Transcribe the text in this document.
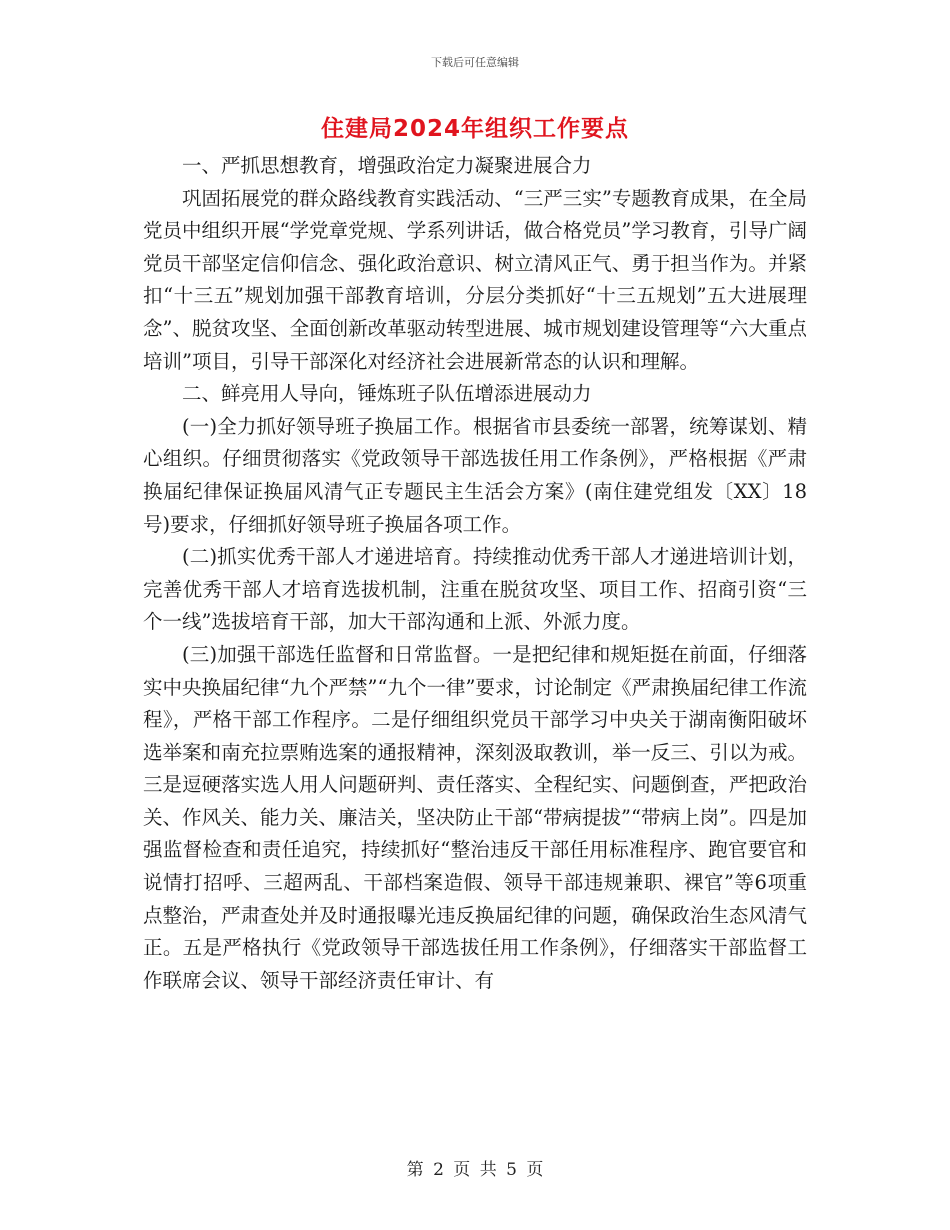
下载后可任意编辑
住建局2024年组织工作要点

一、严抓思想教育，增强政治定力凝聚进展合力

巩固拓展党的群众路线教育实践活动、“三严三实”专题教育成果，在全局党员中组织开展“学党章党规、学系列讲话，做合格党员”学习教育，引导广阔党员干部坚定信仰信念、强化政治意识、树立清风正气、勇于担当作为。并紧扣“十三五”规划加强干部教育培训，分层分类抓好“十三五规划”五大进展理念”、脱贫攻坚、全面创新改革驱动转型进展、城市规划建设管理等“六大重点培训”项目，引导干部深化对经济社会进展新常态的认识和理解。

二、鲜亮用人导向，锤炼班子队伍增添进展动力

(一)全力抓好领导班子换届工作。根据省市县委统一部署，统筹谋划、精心组织。仔细贯彻落实《党政领导干部选拔任用工作条例》，严格根据《严肃换届纪律保证换届风清气正专题民主生活会方案》(南住建党组发〔XX〕18号)要求，仔细抓好领导班子换届各项工作。

(二)抓实优秀干部人才递进培育。持续推动优秀干部人才递进培训计划，完善优秀干部人才培育选拔机制，注重在脱贫攻坚、项目工作、招商引资“三个一线”选拔培育干部，加大干部沟通和上派、外派力度。

(三)加强干部选任监督和日常监督。一是把纪律和规矩挺在前面，仔细落实中央换届纪律“九个严禁”“九个一律”要求，讨论制定《严肃换届纪律工作流程》，严格干部工作程序。二是仔细组织党员干部学习中央关于湖南衡阳破坏选举案和南充拉票贿选案的通报精神，深刻汲取教训，举一反三、引以为戒。三是逗硬落实选人用人问题研判、责任落实、全程纪实、问题倒查，严把政治关、作风关、能力关、廉洁关，坚决防止干部“带病提拔”“带病上岗”。四是加强监督检查和责任追究，持续抓好“整治违反干部任用标准程序、跑官要官和说情打招呼、三超两乱、干部档案造假、领导干部违规兼职、裸官”等6项重点整治，严肃查处并及时通报曝光违反换届纪律的问题，确保政治生态风清气正。五是严格执行《党政领导干部选拔任用工作条例》，仔细落实干部监督工作联席会议、领导干部经济责任审计、有

第 2 页 共 5 页
